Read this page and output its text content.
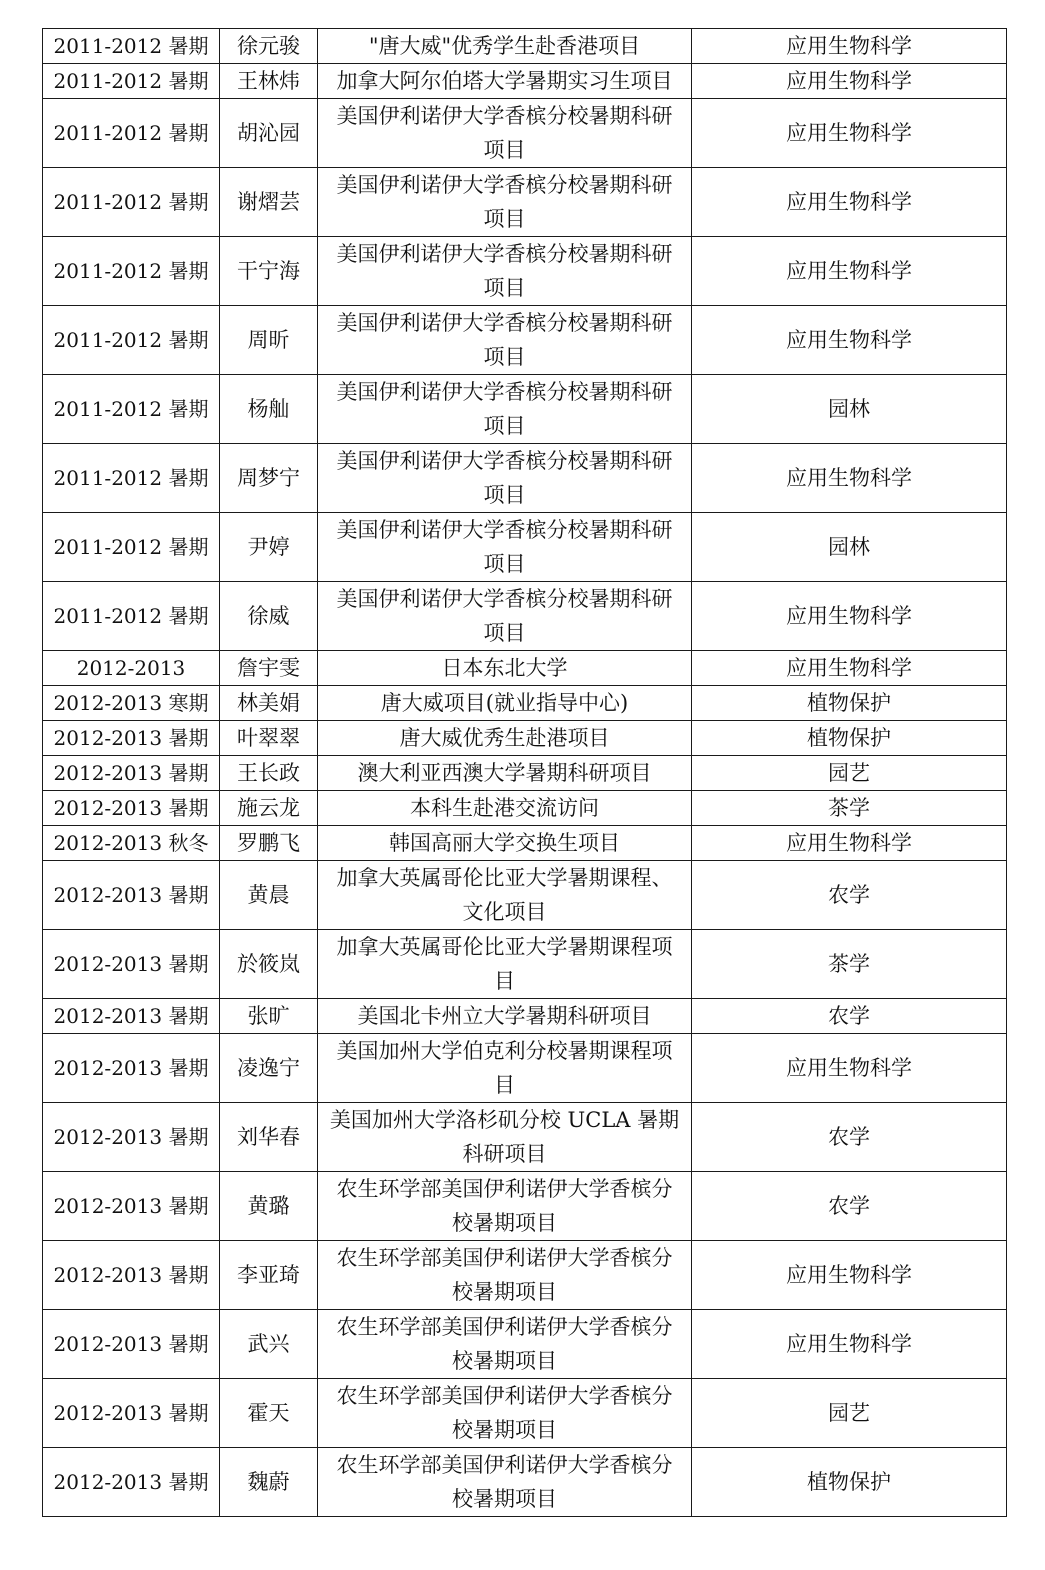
2011-2012 暑期	徐元骏	"唐大威"优秀学生赴香港项目	应用生物科学
2011-2012 暑期	王林炜	加拿大阿尔伯塔大学暑期实习生项目	应用生物科学
2011-2012 暑期	胡沁园	美国伊利诺伊大学香槟分校暑期科研项目	应用生物科学
2011-2012 暑期	谢熠芸	美国伊利诺伊大学香槟分校暑期科研项目	应用生物科学
2011-2012 暑期	干宁海	美国伊利诺伊大学香槟分校暑期科研项目	应用生物科学
2011-2012 暑期	周昕	美国伊利诺伊大学香槟分校暑期科研项目	应用生物科学
2011-2012 暑期	杨舢	美国伊利诺伊大学香槟分校暑期科研项目	园林
2011-2012 暑期	周梦宁	美国伊利诺伊大学香槟分校暑期科研项目	应用生物科学
2011-2012 暑期	尹婷	美国伊利诺伊大学香槟分校暑期科研项目	园林
2011-2012 暑期	徐威	美国伊利诺伊大学香槟分校暑期科研项目	应用生物科学
2012-2013	詹宇雯	日本东北大学	应用生物科学
2012-2013 寒期	林美娟	唐大威项目(就业指导中心)	植物保护
2012-2013 暑期	叶翠翠	唐大威优秀生赴港项目	植物保护
2012-2013 暑期	王长政	澳大利亚西澳大学暑期科研项目	园艺
2012-2013 暑期	施云龙	本科生赴港交流访问	茶学
2012-2013 秋冬	罗鹏飞	韩国高丽大学交换生项目	应用生物科学
2012-2013 暑期	黄晨	加拿大英属哥伦比亚大学暑期课程、文化项目	农学
2012-2013 暑期	於筱岚	加拿大英属哥伦比亚大学暑期课程项目	茶学
2012-2013 暑期	张旷	美国北卡州立大学暑期科研项目	农学
2012-2013 暑期	凌逸宁	美国加州大学伯克利分校暑期课程项目	应用生物科学
2012-2013 暑期	刘华春	美国加州大学洛杉矶分校 UCLA 暑期科研项目	农学
2012-2013 暑期	黄璐	农生环学部美国伊利诺伊大学香槟分校暑期项目	农学
2012-2013 暑期	李亚琦	农生环学部美国伊利诺伊大学香槟分校暑期项目	应用生物科学
2012-2013 暑期	武兴	农生环学部美国伊利诺伊大学香槟分校暑期项目	应用生物科学
2012-2013 暑期	霍天	农生环学部美国伊利诺伊大学香槟分校暑期项目	园艺
2012-2013 暑期	魏蔚	农生环学部美国伊利诺伊大学香槟分校暑期项目	植物保护
